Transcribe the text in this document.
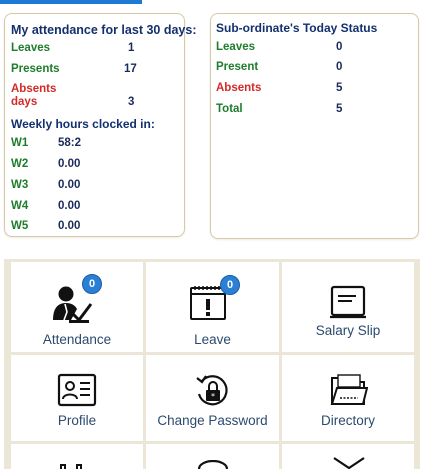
My attendance for last 30 days:
Leaves	1
Presents	17
Absents
days	3
Weekly hours clocked in:
W1	58:2
W2	0.00
W3	0.00
W4	0.00
W5	0.00
Sub-ordinate's Today Status
Leaves	0
Present	0
Absents	5
Total	5
0
Attendance
0
Leave
Salary Slip
Profile
*
Change Password	Directory
